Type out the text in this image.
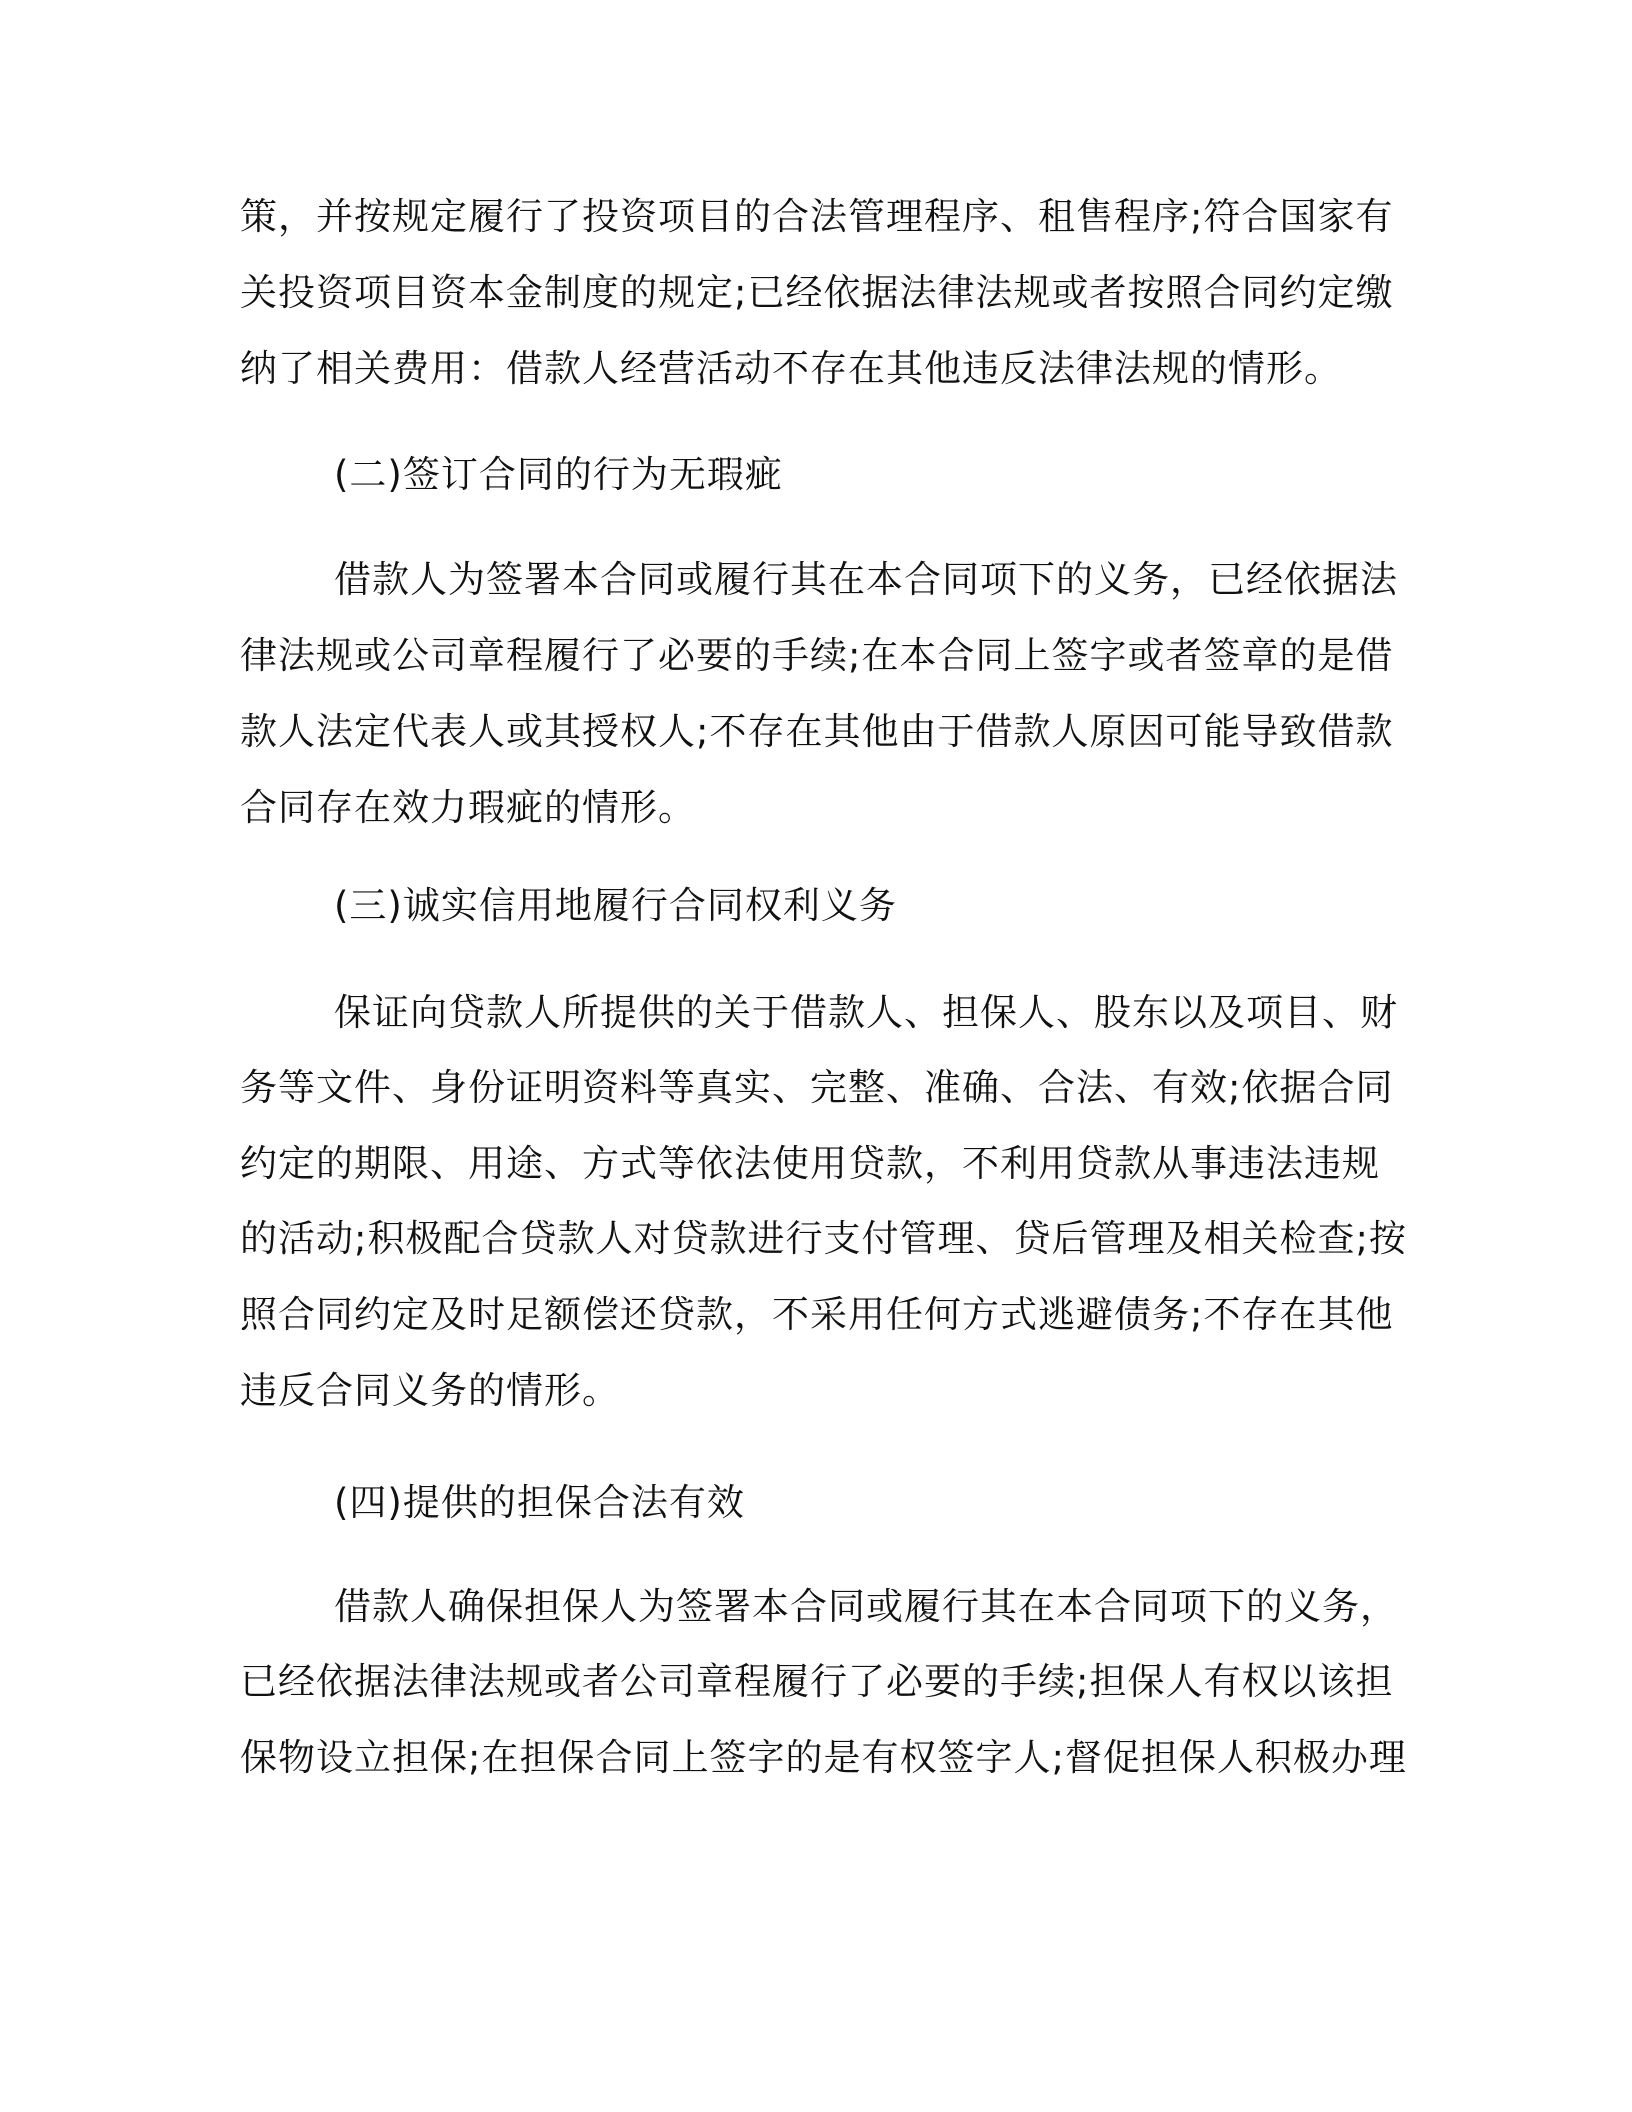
策，并按规定履行了投资项目的合法管理程序、租售程序;符合国家有
关投资项目资本金制度的规定;已经依据法律法规或者按照合同约定缴
纳了相关费用：借款人经营活动不存在其他违反法律法规的情形。
(二)签订合同的行为无瑕疵
借款人为签署本合同或履行其在本合同项下的义务，已经依据法
律法规或公司章程履行了必要的手续;在本合同上签字或者签章的是借
款人法定代表人或其授权人;不存在其他由于借款人原因可能导致借款
合同存在效力瑕疵的情形。
(三)诚实信用地履行合同权利义务
保证向贷款人所提供的关于借款人、担保人、股东以及项目、财
务等文件、身份证明资料等真实、完整、准确、合法、有效;依据合同
约定的期限、用途、方式等依法使用贷款，不利用贷款从事违法违规
的活动;积极配合贷款人对贷款进行支付管理、贷后管理及相关检查;按
照合同约定及时足额偿还贷款，不采用任何方式逃避债务;不存在其他
违反合同义务的情形。
(四)提供的担保合法有效
借款人确保担保人为签署本合同或履行其在本合同项下的义务，
已经依据法律法规或者公司章程履行了必要的手续;担保人有权以该担
保物设立担保;在担保合同上签字的是有权签字人;督促担保人积极办理
